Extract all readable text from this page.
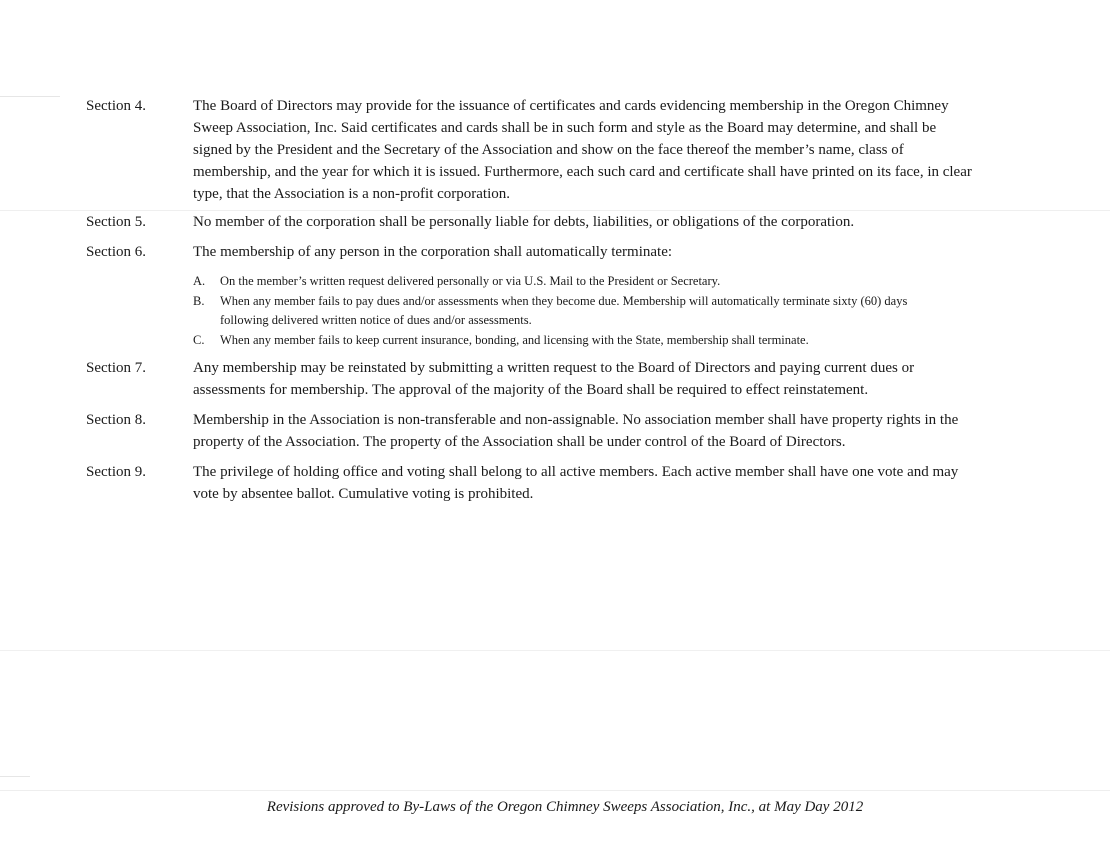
Section 4.	The Board of Directors may provide for the issuance of certificates and cards evidencing membership in the Oregon Chimney
Sweep Association, Inc. Said certificates and cards shall be in such form and style as the Board may determine, and shall be
signed by the President and the Secretary of the Association and show on the face thereof the member’s name, class of
membership, and the year for which it is issued. Furthermore, each such card and certificate shall have printed on its face, in clear
type, that the Association is a non-profit corporation.
Section 5.	No member of the corporation shall be personally liable for debts, liabilities, or obligations of the corporation.
Section 6.	The membership of any person in the corporation shall automatically terminate:
A. On the member’s written request delivered personally or via U.S. Mail to the President or Secretary.
B. When any member fails to pay dues and/or assessments when they become due. Membership will automatically terminate sixty (60) days
following delivered written notice of dues and/or assessments.
C. When any member fails to keep current insurance, bonding, and licensing with the State, membership shall terminate.
Section 7.	Any membership may be reinstated by submitting a written request to the Board of Directors and paying current dues or
assessments for membership. The approval of the majority of the Board shall be required to effect reinstatement.
Section 8.	Membership in the Association is non-transferable and non-assignable. No association member shall have property rights in the
property of the Association. The property of the Association shall be under control of the Board of Directors.
Section 9.	The privilege of holding office and voting shall belong to all active members. Each active member shall have one vote and may
vote by absentee ballot. Cumulative voting is prohibited.
Revisions approved to By-Laws of the Oregon Chimney Sweeps Association, Inc., at May Day 2012
